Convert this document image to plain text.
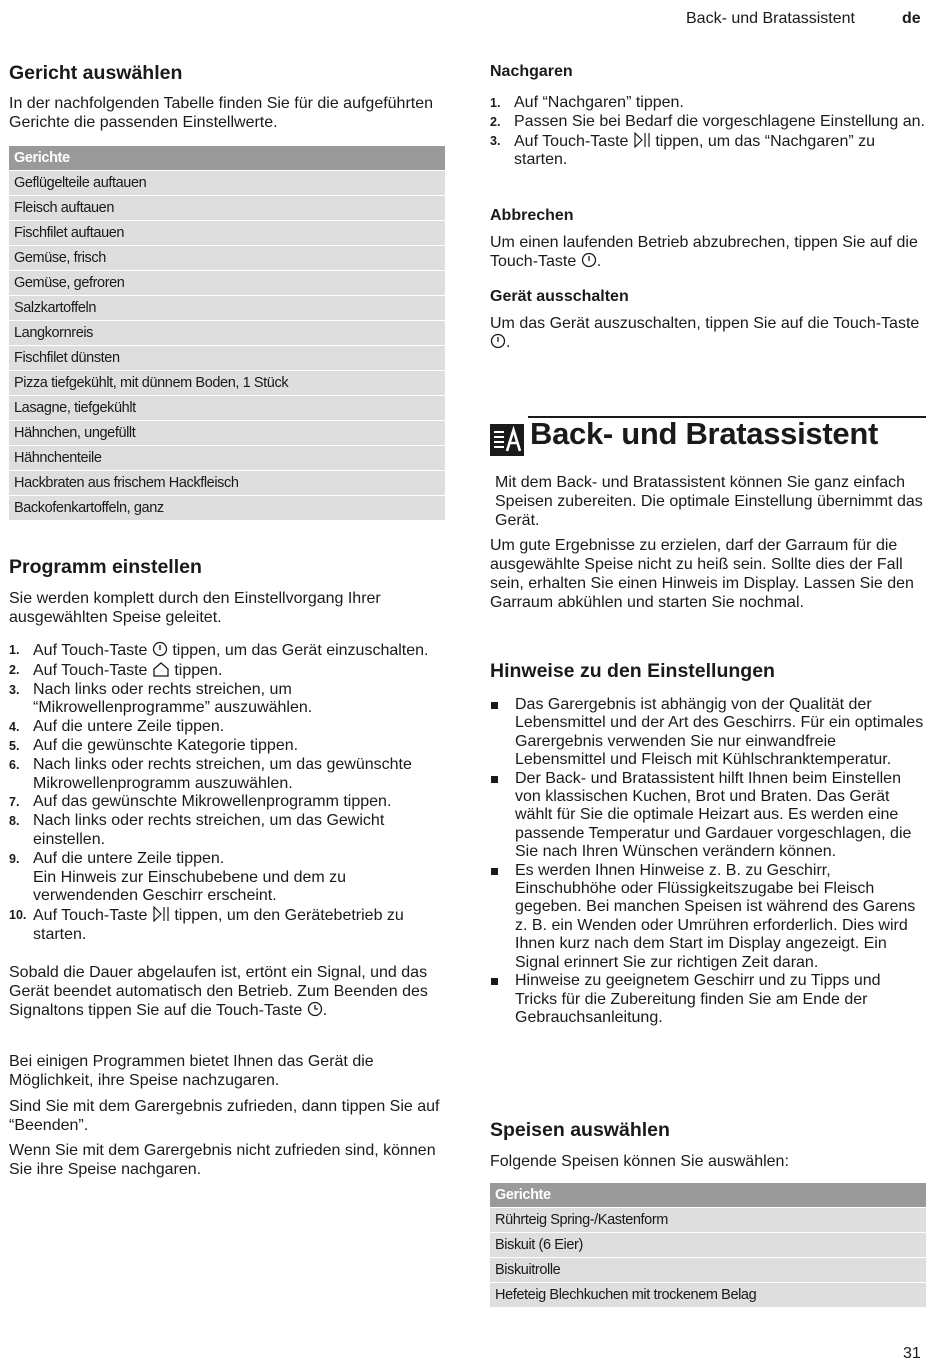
Back- und Bratassistent	de
Gericht auswählen
In der nachfolgenden Tabelle finden Sie für die aufgeführten Gerichte die passenden Einstellwerte.
Gerichte
Geflügelteile auftauen
Fleisch auftauen
Fischfilet auftauen
Gemüse, frisch
Gemüse, gefroren
Salzkartoffeln
Langkornreis
Fischfilet dünsten
Pizza tiefgekühlt, mit dünnem Boden, 1 Stück
Lasagne, tiefgekühlt
Hähnchen, ungefüllt
Hähnchenteile
Hackbraten aus frischem Hackfleisch
Backofenkartoffeln, ganz
Programm einstellen
Sie werden komplett durch den Einstellvorgang Ihrer ausgewählten Speise geleitet.
1. Auf Touch-Taste tippen, um das Gerät einzuschalten.
2. Auf Touch-Taste tippen.
3. Nach links oder rechts streichen, um “Mikrowellenprogramme” auszuwählen.
4. Auf die untere Zeile tippen.
5. Auf die gewünschte Kategorie tippen.
6. Nach links oder rechts streichen, um das gewünschte Mikrowellenprogramm auszuwählen.
7. Auf das gewünschte Mikrowellenprogramm tippen.
8. Nach links oder rechts streichen, um das Gewicht einstellen.
9. Auf die untere Zeile tippen.
Ein Hinweis zur Einschubebene und dem zu verwendenden Geschirr erscheint.
10. Auf Touch-Taste tippen, um den Gerätebetrieb zu starten.
Sobald die Dauer abgelaufen ist, ertönt ein Signal, und das Gerät beendet automatisch den Betrieb. Zum Beenden des Signaltons tippen Sie auf die Touch-Taste .
Bei einigen Programmen bietet Ihnen das Gerät die Möglichkeit, ihre Speise nachzugaren.
Sind Sie mit dem Garergebnis zufrieden, dann tippen Sie auf “Beenden”.
Wenn Sie mit dem Garergebnis nicht zufrieden sind, können Sie ihre Speise nachgaren.
Nachgaren
1. Auf “Nachgaren” tippen.
2. Passen Sie bei Bedarf die vorgeschlagene Einstellung an.
3. Auf Touch-Taste tippen, um das “Nachgaren” zu starten.
Abbrechen
Um einen laufenden Betrieb abzubrechen, tippen Sie auf die Touch-Taste .
Gerät ausschalten
Um das Gerät auszuschalten, tippen Sie auf die Touch-Taste .
Back- und Bratassistent
Mit dem Back- und Bratassistent können Sie ganz einfach Speisen zubereiten. Die optimale Einstellung übernimmt das Gerät.
Um gute Ergebnisse zu erzielen, darf der Garraum für die ausgewählte Speise nicht zu heiß sein. Sollte dies der Fall sein, erhalten Sie einen Hinweis im Display. Lassen Sie den Garraum abkühlen und starten Sie nochmal.
Hinweise zu den Einstellungen
Das Garergebnis ist abhängig von der Qualität der Lebensmittel und der Art des Geschirrs. Für ein optimales Garergebnis verwenden Sie nur einwandfreie Lebensmittel und Fleisch mit Kühlschranktemperatur.
Der Back- und Bratassistent hilft Ihnen beim Einstellen von klassischen Kuchen, Brot und Braten. Das Gerät wählt für Sie die optimale Heizart aus. Es werden eine passende Temperatur und Gardauer vorgeschlagen, die Sie nach Ihren Wünschen verändern können.
Es werden Ihnen Hinweise z. B. zu Geschirr, Einschubhöhe oder Flüssigkeitszugabe bei Fleisch gegeben. Bei manchen Speisen ist während des Garens z. B. ein Wenden oder Umrühren erforderlich. Dies wird Ihnen kurz nach dem Start im Display angezeigt. Ein Signal erinnert Sie zur richtigen Zeit daran.
Hinweise zu geeignetem Geschirr und zu Tipps und Tricks für die Zubereitung finden Sie am Ende der Gebrauchsanleitung.
Speisen auswählen
Folgende Speisen können Sie auswählen:
Gerichte
Rührteig Spring-/Kastenform
Biskuit (6 Eier)
Biskuitrolle
Hefeteig Blechkuchen mit trockenem Belag
31
